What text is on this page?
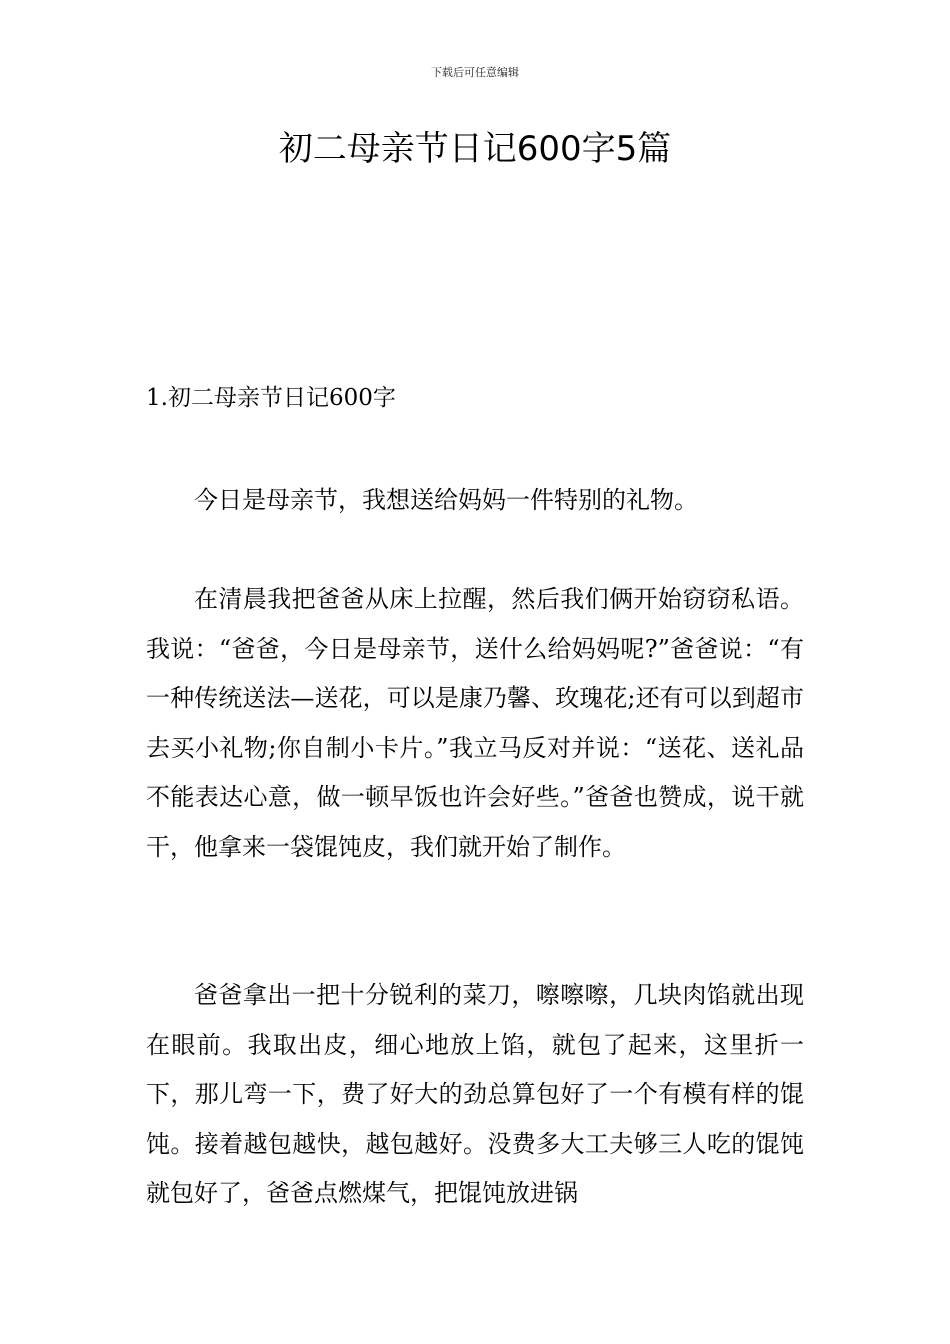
下载后可任意编辑
初二母亲节日记600字5篇
1.初二母亲节日记600字

今日是母亲节，我想送给妈妈一件特别的礼物。

在清晨我把爸爸从床上拉醒，然后我们俩开始窃窃私语。我说：“爸爸，今日是母亲节，送什么给妈妈呢?”爸爸说：“有一种传统送法—送花，可以是康乃馨、玫瑰花;还有可以到超市去买小礼物;你自制小卡片。”我立马反对并说：“送花、送礼品不能表达心意，做一顿早饭也许会好些。”爸爸也赞成，说干就干，他拿来一袋馄饨皮，我们就开始了制作。

爸爸拿出一把十分锐利的菜刀，嚓嚓嚓，几块肉馅就出现在眼前。我取出皮，细心地放上馅，就包了起来，这里折一下，那儿弯一下，费了好大的劲总算包好了一个有模有样的馄饨。接着越包越快，越包越好。没费多大工夫够三人吃的馄饨就包好了，爸爸点燃煤气，把馄饨放进锅
